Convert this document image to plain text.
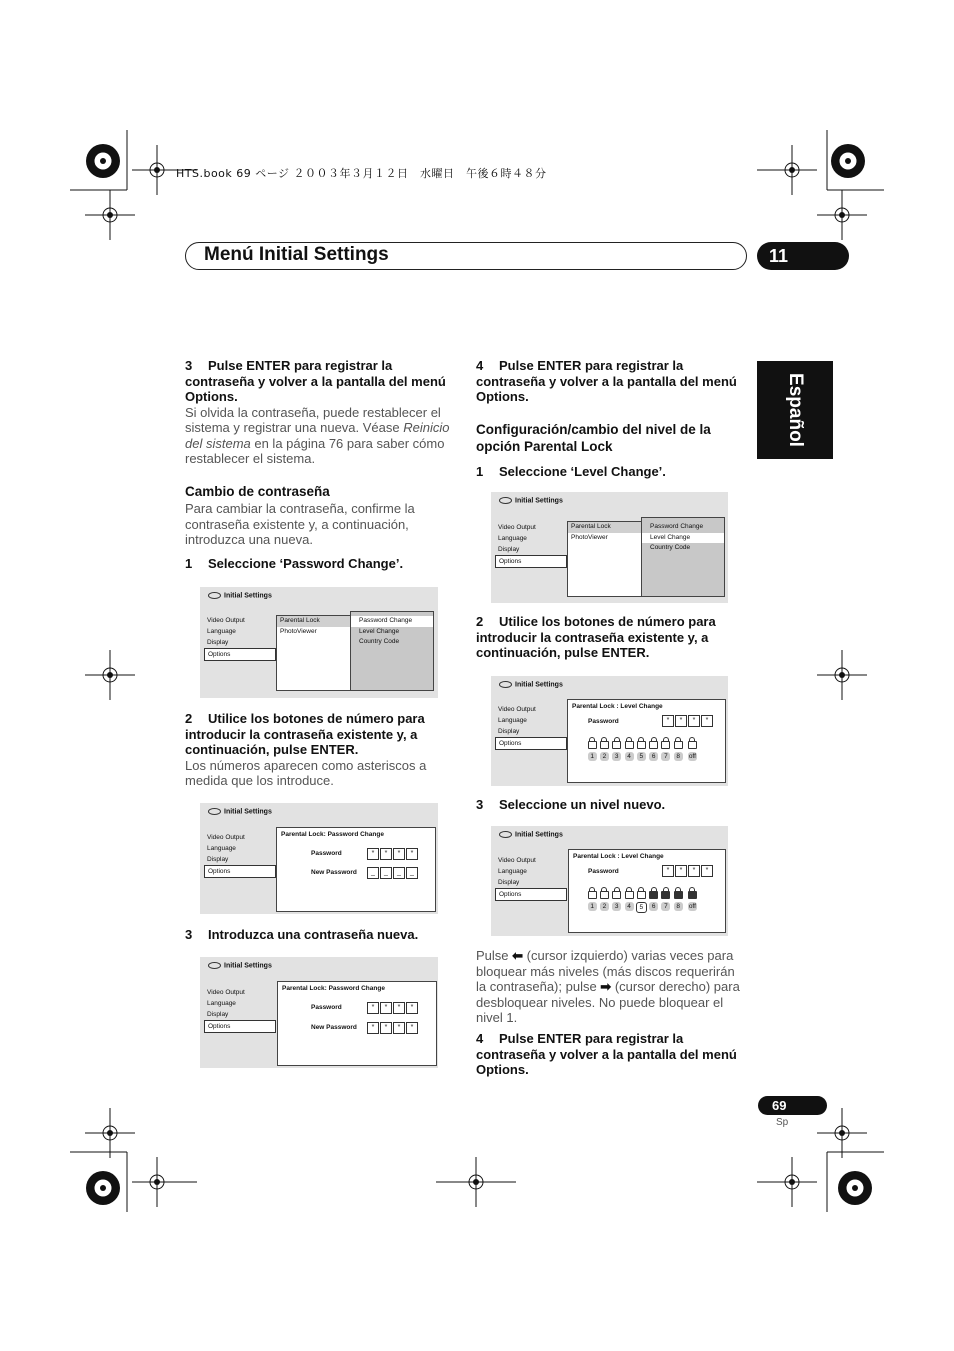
HTS.book 69 ページ ２００３年３月１２日　水曜日　午後６時４８分
Menú Initial Settings	11
Español
3 Pulse ENTER para registrar la contraseña y volver a la pantalla del menú Options.
Si olvida la contraseña, puede restablecer el sistema y registrar una nueva. Véase Reinicio del sistema en la página 76 para saber cómo restablecer el sistema.
Cambio de contraseña
Para cambiar la contraseña, confirme la contraseña existente y, a continuación, introduzca una nueva.
1 Seleccione ‘Password Change’.
Initial Settings
Video Output
Language
Display
Options
Parental Lock
PhotoViewer
Password Change
Level Change
Country Code
2 Utilice los botones de número para introducir la contraseña existente y, a continuación, pulse ENTER.
Los números aparecen como asteriscos a medida que los introduce.
Initial Settings
Video Output
Language
Display
Options
Parental Lock: Password Change
Password	*	*	*	*
New Password	_	_	_	_
3 Introduzca una contraseña nueva.
Initial Settings
Video Output
Language
Display
Options
Parental Lock: Password Change
Password	*	*	*	*
New Password	*	*	*	*
4 Pulse ENTER para registrar la contraseña y volver a la pantalla del menú Options.
Configuración/cambio del nivel de la opción Parental Lock
1 Seleccione ‘Level Change’.
Initial Settings
Video Output
Language
Display
Options
Parental Lock
PhotoViewer
Password Change
Level Change
Country Code
2 Utilice los botones de número para introducir la contraseña existente y, a continuación, pulse ENTER.
Initial Settings
Video Output
Language
Display
Options
Parental Lock : Level Change
Password	*	*	*	*
1	2	3	4	5	6	7	8	off
3 Seleccione un nivel nuevo.
Initial Settings
Video Output
Language
Display
Options
Parental Lock : Level Change
Password	*	*	*	*
1	2	3	4	5	6	7	8	off
Pulse ⬅ (cursor izquierdo) varias veces para bloquear más niveles (más discos requerirán la contraseña); pulse ➡ (cursor derecho) para desbloquear niveles. No puede bloquear el nivel 1.
4 Pulse ENTER para registrar la contraseña y volver a la pantalla del menú Options.
69
Sp
